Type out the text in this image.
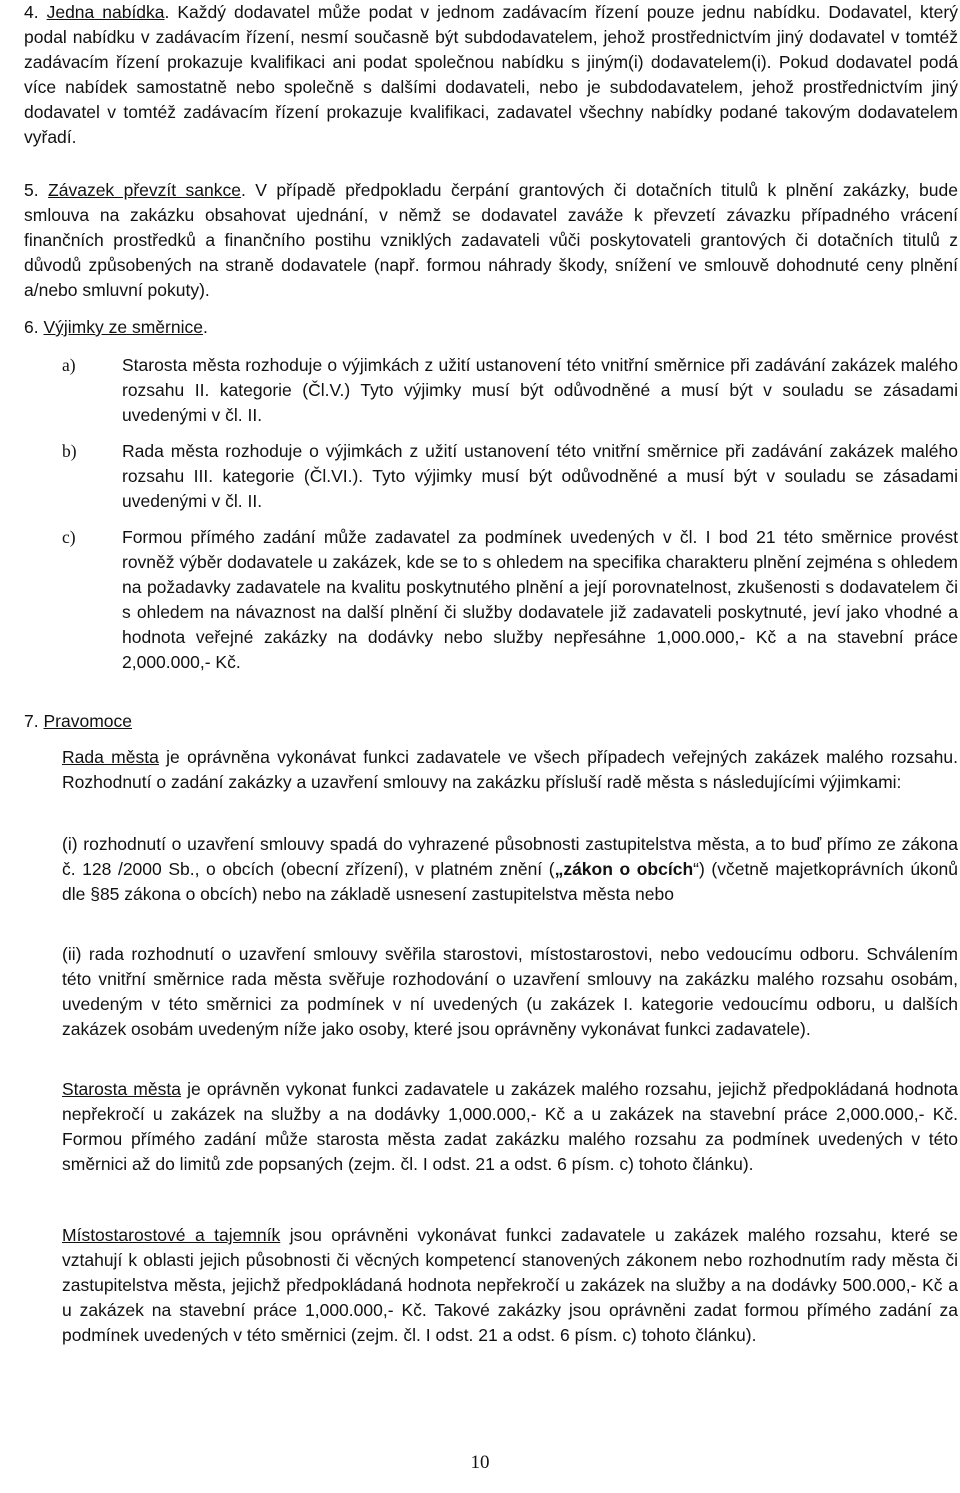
4. Jedna nabídka. Každý dodavatel může podat v jednom zadávacím řízení pouze jednu nabídku. Dodavatel, který podal nabídku v zadávacím řízení, nesmí současně být subdodavatelem, jehož prostřednictvím jiný dodavatel v tomtéž zadávacím řízení prokazuje kvalifikaci ani podat společnou nabídku s jiným(i) dodavatelem(i). Pokud dodavatel podá více nabídek samostatně nebo společně s dalšími dodavateli, nebo je subdodavatelem, jehož prostřednictvím jiný dodavatel v tomtéž zadávacím řízení prokazuje kvalifikaci, zadavatel všechny nabídky podané takovým dodavatelem vyřadí.

5. Závazek převzít sankce. V případě předpokladu čerpání grantových či dotačních titulů k plnění zakázky, bude smlouva na zakázku obsahovat ujednání, v němž se dodavatel zaváže k převzetí závazku případného vrácení finančních prostředků a finančního postihu vzniklých zadavateli vůči poskytovateli grantových či dotačních titulů z důvodů způsobených na straně dodavatele (např. formou náhrady škody, snížení ve smlouvě dohodnuté ceny plnění a/nebo smluvní pokuty).

6. Výjimky ze směrnice.

a)	Starosta města rozhoduje o výjimkách z užití ustanovení této vnitřní směrnice při zadávání zakázek malého rozsahu II. kategorie (Čl.V.) Tyto výjimky musí být odůvodněné a musí být v souladu se zásadami uvedenými v čl. II.
b)	Rada města rozhoduje o výjimkách z užití ustanovení této vnitřní směrnice při zadávání zakázek malého rozsahu III. kategorie (Čl.VI.). Tyto výjimky musí být odůvodněné a musí být v souladu se zásadami uvedenými v čl. II.
c)	Formou přímého zadání může zadavatel za podmínek uvedených v čl. I bod 21 této směrnice provést rovněž výběr dodavatele u zakázek, kde se to s ohledem na specifika charakteru plnění zejména s ohledem na požadavky zadavatele na kvalitu poskytnutého plnění a její porovnatelnost, zkušenosti s dodavatelem či s ohledem na návaznost na další plnění či služby dodavatele již zadavateli poskytnuté, jeví jako vhodné a hodnota veřejné zakázky na dodávky nebo služby nepřesáhne 1,000.000,- Kč a na stavební práce 2,000.000,- Kč.

7. Pravomoce

Rada města je oprávněna vykonávat funkci zadavatele ve všech případech veřejných zakázek malého rozsahu. Rozhodnutí o zadání zakázky a uzavření smlouvy na zakázku přísluší radě města s následujícími výjimkami:

(i) rozhodnutí o uzavření smlouvy spadá do vyhrazené působnosti zastupitelstva města, a to buď přímo ze zákona č. 128 /2000 Sb., o obcích (obecní zřízení), v platném znění („zákon o obcích“) (včetně majetkoprávních úkonů dle §85 zákona o obcích) nebo na základě usnesení zastupitelstva města nebo

(ii) rada rozhodnutí o uzavření smlouvy svěřila starostovi, místostarostovi, nebo vedoucímu odboru. Schválením této vnitřní směrnice rada města svěřuje rozhodování o uzavření smlouvy na zakázku malého rozsahu osobám, uvedeným v této směrnici za podmínek v ní uvedených (u zakázek I. kategorie vedoucímu odboru, u dalších zakázek osobám uvedeným níže jako osoby, které jsou oprávněny vykonávat funkci zadavatele).

Starosta města je oprávněn vykonat funkci zadavatele u zakázek malého rozsahu, jejichž předpokládaná hodnota nepřekročí u zakázek na služby a na dodávky 1,000.000,- Kč a u zakázek na stavební práce 2,000.000,- Kč. Formou přímého zadání může starosta města zadat zakázku malého rozsahu za podmínek uvedených v této směrnici až do limitů zde popsaných (zejm. čl. I odst. 21 a odst. 6 písm. c) tohoto článku).

Místostarostové a tajemník jsou oprávněni vykonávat funkci zadavatele u zakázek malého rozsahu, které se vztahují k oblasti jejich působnosti či věcných kompetencí stanovených zákonem nebo rozhodnutím rady města či zastupitelstva města, jejichž předpokládaná hodnota nepřekročí u zakázek na služby a na dodávky 500.000,- Kč a u zakázek na stavební práce 1,000.000,- Kč. Takové zakázky jsou oprávněni zadat formou přímého zadání za podmínek uvedených v této směrnici (zejm. čl. I odst. 21 a odst. 6 písm. c) tohoto článku).

10
